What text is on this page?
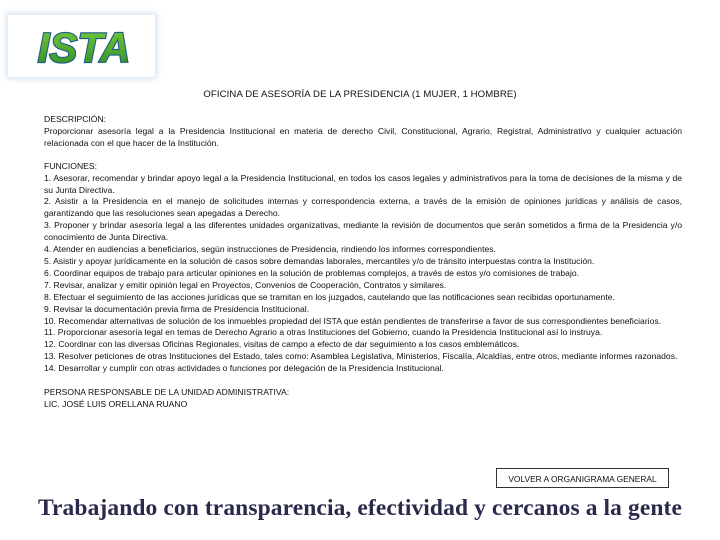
ISTA
OFICINA DE ASESORÍA DE LA PRESIDENCIA (1 MUJER, 1 HOMBRE)

DESCRIPCIÓN:

Proporcionar asesoría legal a la Presidencia Institucional en materia de derecho Civil, Constitucional, Agrario, Registral, Administrativo y cualquier actuación relacionada con el que hacer de la Institución.

FUNCIONES:

1. Asesorar, recomendar y brindar apoyo legal a la Presidencia Institucional, en todos los casos legales y administrativos para la toma de decisiones de la misma y de su Junta Directiva.
2. Asistir a la Presidencia en el manejo de solicitudes internas y correspondencia externa, a través de la emisión de opiniones jurídicas y análisis de casos, garantizando que las resoluciones sean apegadas a Derecho.
3. Proponer y brindar asesoría legal a las diferentes unidades organizativas, mediante la revisión de documentos que serán sometidos a firma de la Presidencia y/o conocimiento de Junta Directiva.
4. Atender en audiencias a beneficiarios, según instrucciones de Presidencia, rindiendo los informes correspondientes.
5. Asistir y apoyar jurídicamente en la solución de casos sobre demandas laborales, mercantiles y/o de tránsito interpuestas contra la Institución.
6. Coordinar equipos de trabajo para articular opiniones en la solución de problemas complejos, a través de estos y/o comisiones de trabajo.
7. Revisar, analizar y emitir opinión legal en Proyectos, Convenios de Cooperación, Contratos y similares.
8. Efectuar el seguimiento de las acciones jurídicas que se tramitan en los juzgados, cautelando que las notificaciones sean recibidas oportunamente.
9. Revisar la documentación previa firma de Presidencia Institucional.
10. Recomendar alternativas de solución de los inmuebles propiedad del ISTA que están pendientes de transferirse a favor de sus correspondientes beneficiarios.
11. Proporcionar asesoría legal en temas de Derecho Agrario a otras Instituciones del Gobierno, cuando la Presidencia Institucional así lo instruya.
12. Coordinar con las diversas Oficinas Regionales, visitas de campo a efecto de dar seguimiento a los casos emblemáticos.
13. Resolver peticiones de otras Instituciones del Estado, tales como: Asamblea Legislativa, Ministerios, Fiscalía, Alcaldías, entre otros, mediante informes razonados.
14. Desarrollar y cumplir con otras actividades o funciones por delegación de la Presidencia Institucional.
PERSONA RESPONSABLE DE LA UNIDAD ADMINISTRATIVA:
LIC. JOSÉ LUIS ORELLANA RUANO
VOLVER A ORGANIGRAMA GENERAL
Trabajando con transparencia, efectividad y cercanos a la gente
